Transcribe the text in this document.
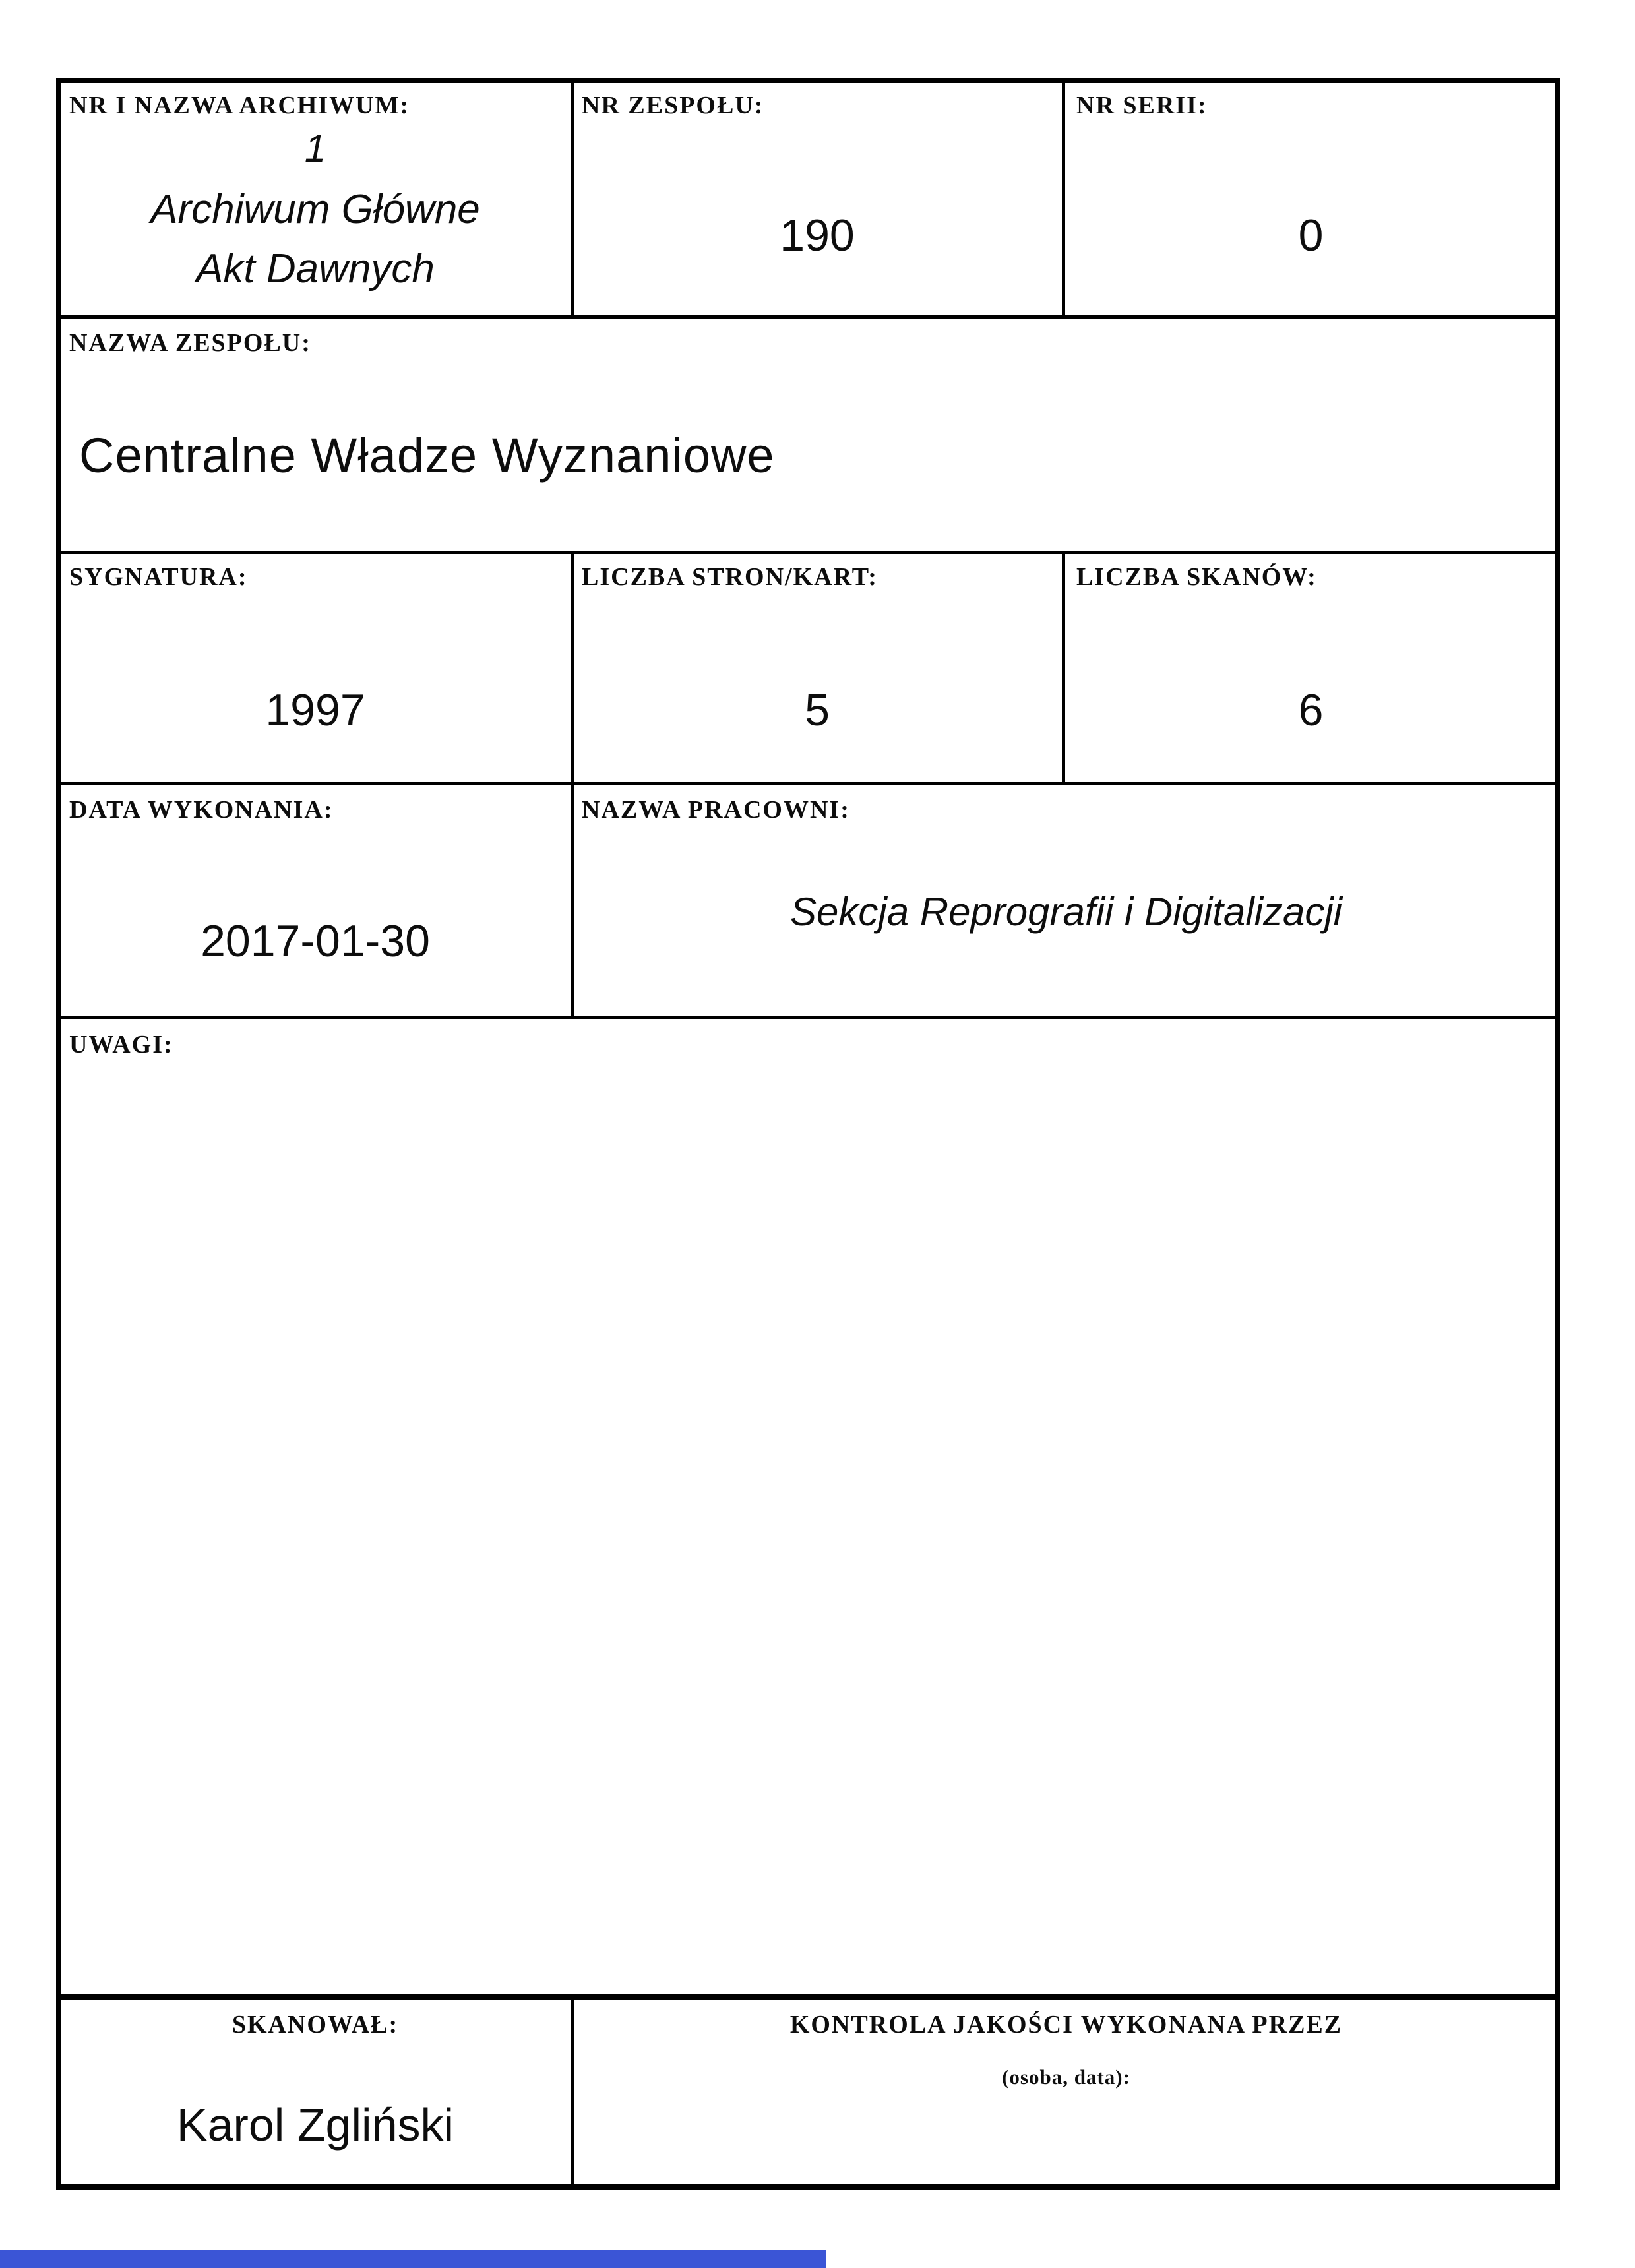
NR I NAZWA ARCHIWUM:
1
Archiwum Główne
Akt Dawnych
NR ZESPOŁU:
190
NR SERII:
0
NAZWA ZESPOŁU:
Centralne Władze Wyznaniowe
SYGNATURA:
1997
LICZBA STRON/KART:
5
LICZBA SKANÓW:
6
DATA WYKONANIA:
2017-01-30
NAZWA PRACOWNI:
Sekcja Reprografii i Digitalizacji
UWAGI:
SKANOWAŁ:
Karol Zgliński
KONTROLA JAKOŚCI WYKONANA PRZEZ
(osoba, data):
